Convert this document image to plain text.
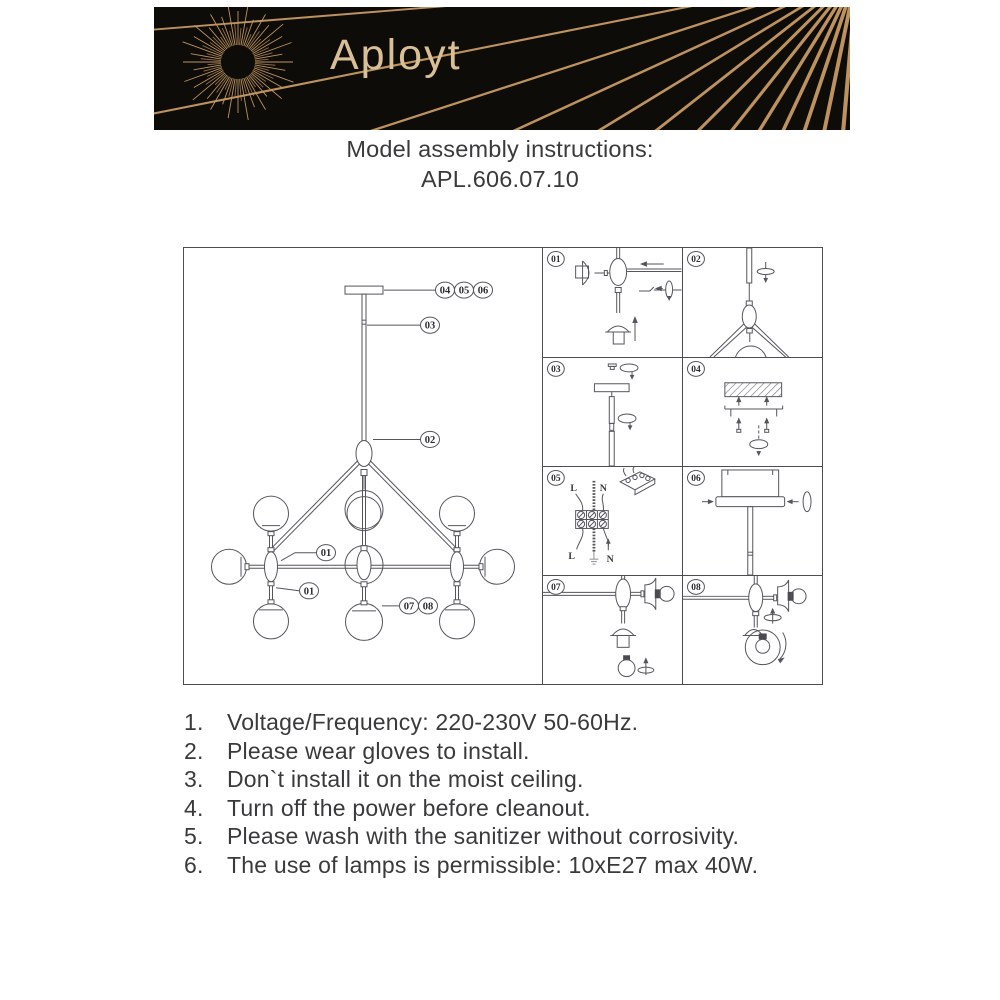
Aployt
Model assembly instructions:
APL.606.07.10
04 05 06
03
02
01
01
07 08
01	02
03	04
L N
L	N
05	06
07	08
1.	Voltage/Frequency: 220-230V 50-60Hz.
2.	Please wear gloves to install.
3.	Don`t install it on the moist ceiling.
4.	Turn off the power before cleanout.
5.	Please wash with the sanitizer without corrosivity.
6.	The use of lamps is permissible: 10xE27 max 40W.
